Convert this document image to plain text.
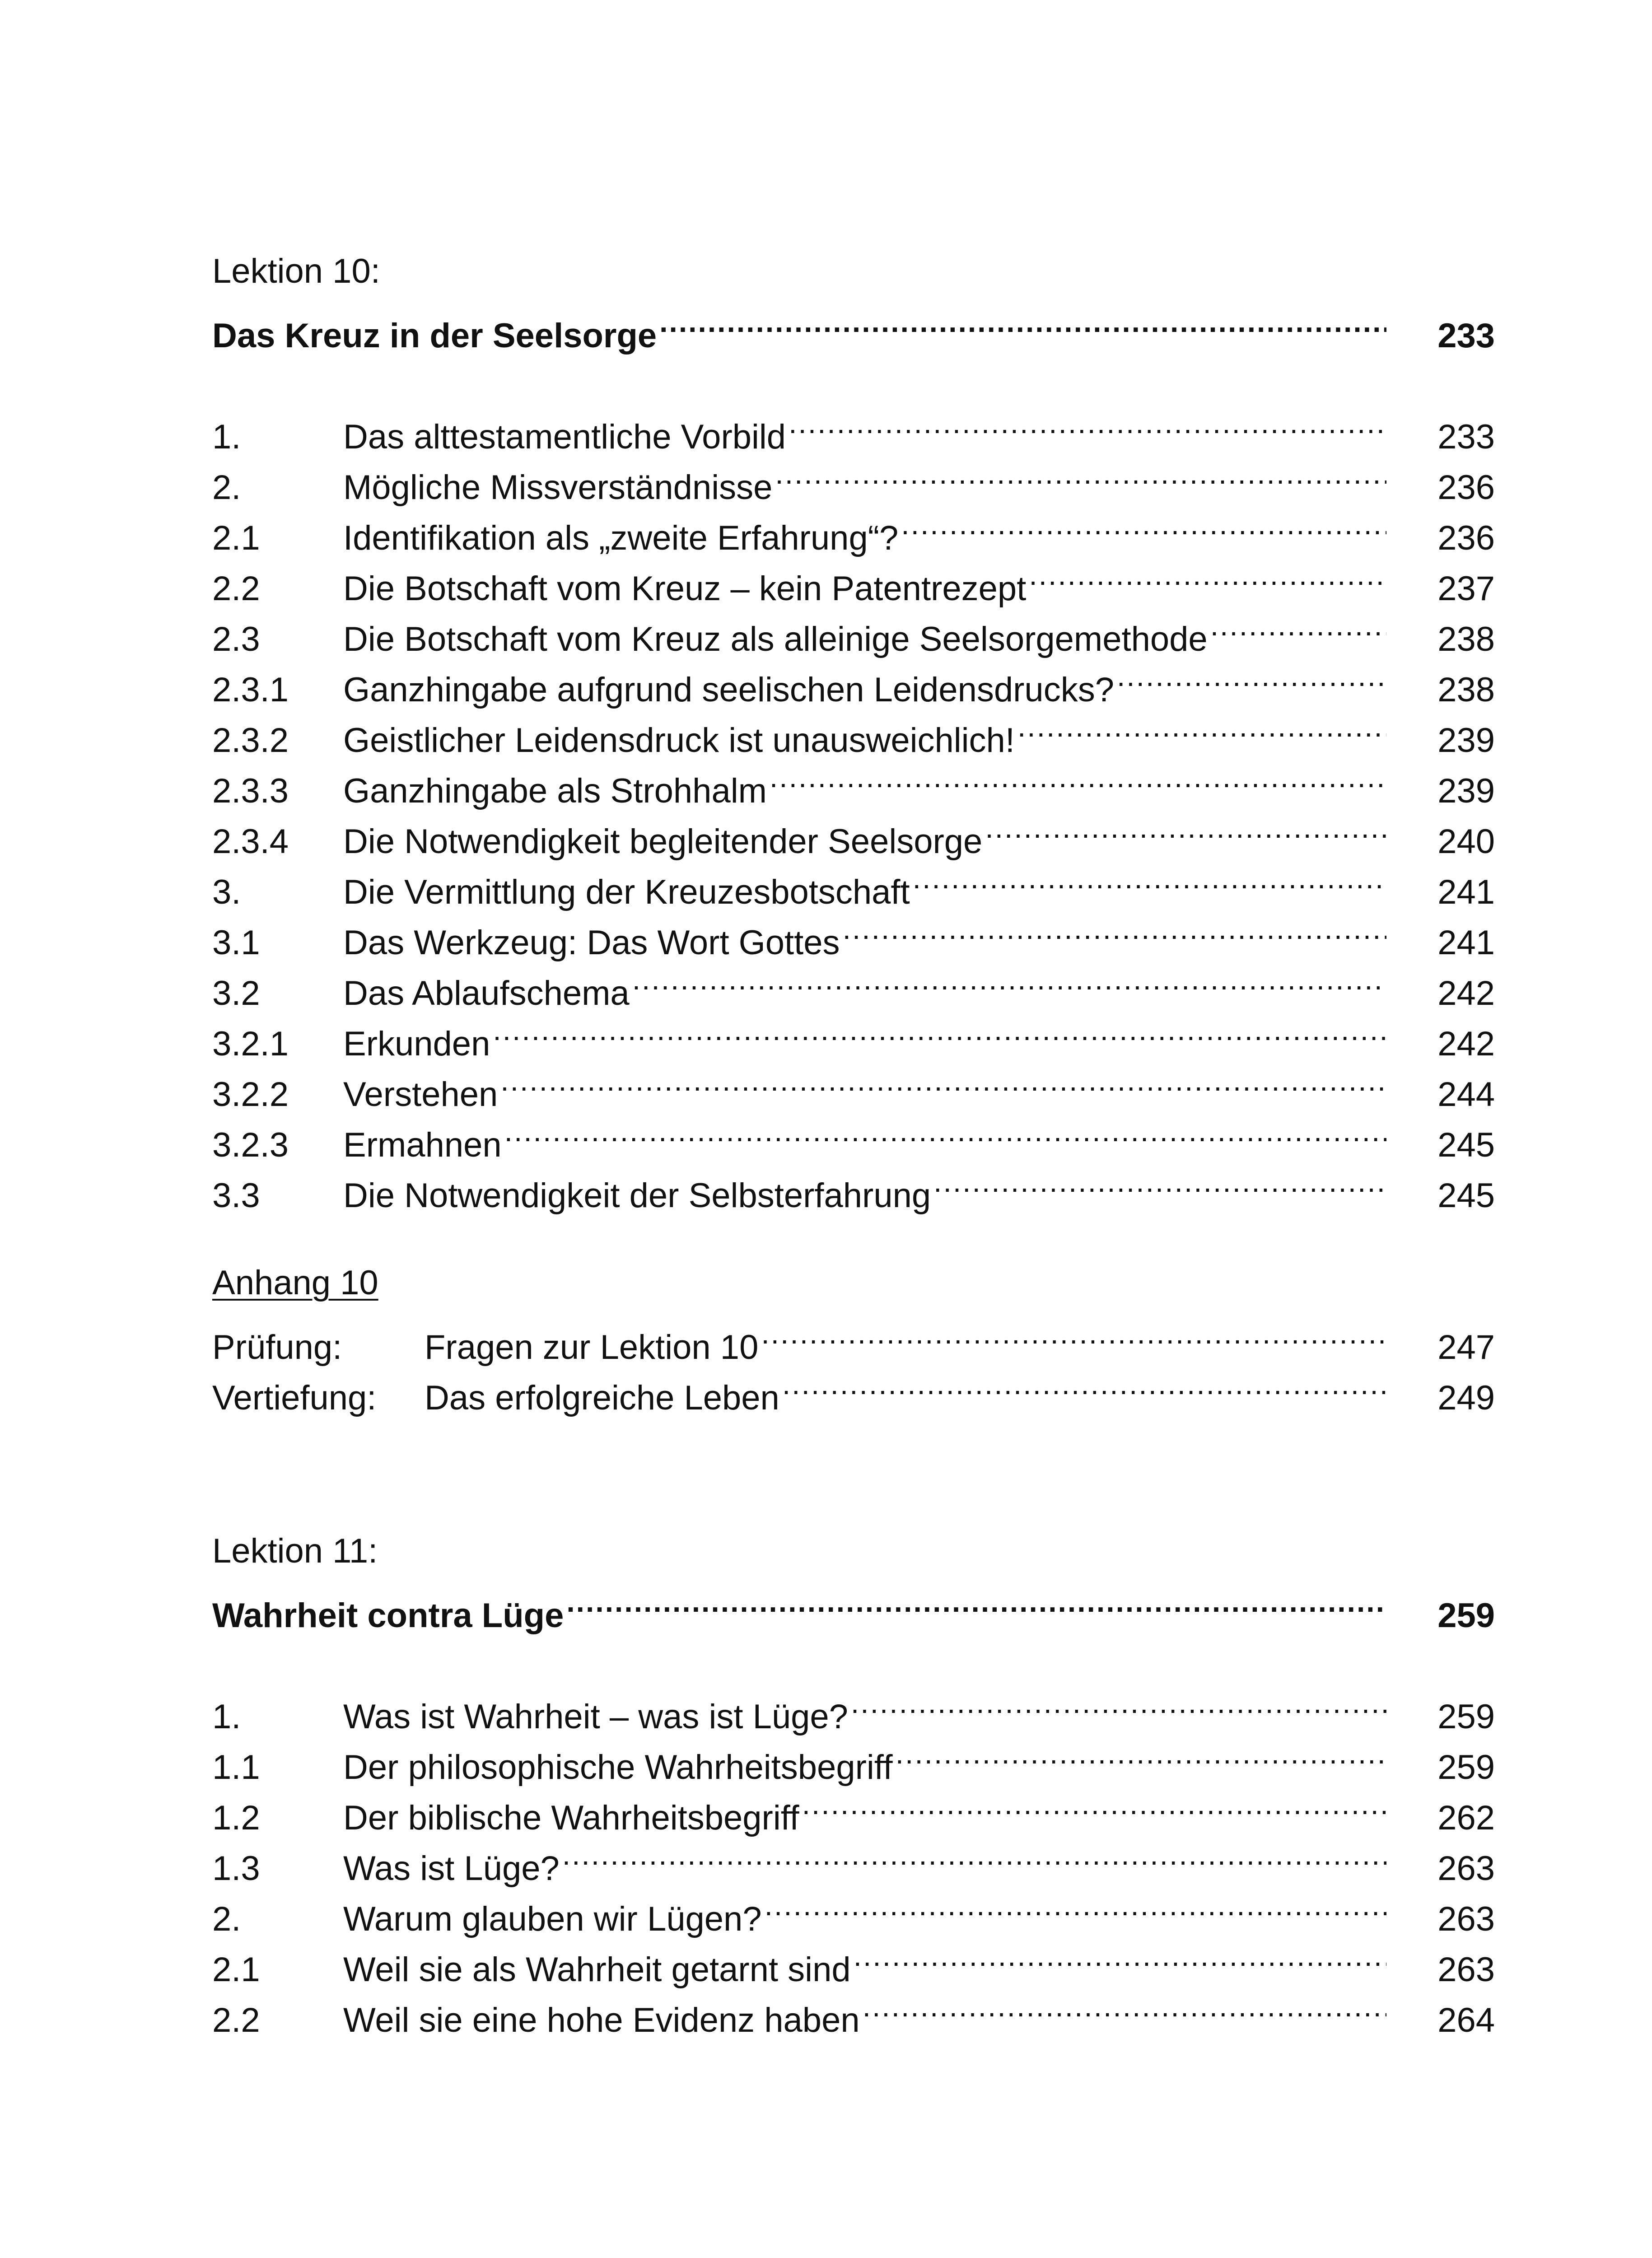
Lektion 10:
Das Kreuz in der Seelsorge .....	233
1.	Das alttestamentliche Vorbild .....	233
2.	Mögliche Missverständnisse .....	236
2.1	Identifikation als „zweite Erfahrung“? .....	236
2.2	Die Botschaft vom Kreuz – kein Patentrezept .....	237
2.3	Die Botschaft vom Kreuz als alleinige Seelsorgemethode .....	238
2.3.1	Ganzhingabe aufgrund seelischen Leidensdrucks? .....	238
2.3.2	Geistlicher Leidensdruck ist unausweichlich! .....	239
2.3.3	Ganzhingabe als Strohhalm .....	239
2.3.4	Die Notwendigkeit begleitender Seelsorge .....	240
3.	Die Vermittlung der Kreuzesbotschaft .....	241
3.1	Das Werkzeug: Das Wort Gottes .....	241
3.2	Das Ablaufschema .....	242
3.2.1	Erkunden .....	242
3.2.2	Verstehen .....	244
3.2.3	Ermahnen .....	245
3.3	Die Notwendigkeit der Selbsterfahrung .....	245
Anhang 10
Prüfung:	Fragen zur Lektion 10 .....	247
Vertiefung:	Das erfolgreiche Leben .....	249
Lektion 11:
Wahrheit contra Lüge .....	259
1.	Was ist Wahrheit – was ist Lüge? .....	259
1.1	Der philosophische Wahrheitsbegriff .....	259
1.2	Der biblische Wahrheitsbegriff .....	262
1.3	Was ist Lüge? .....	263
2.	Warum glauben wir Lügen? .....	263
2.1	Weil sie als Wahrheit getarnt sind .....	263
2.2	Weil sie eine hohe Evidenz haben .....	264
